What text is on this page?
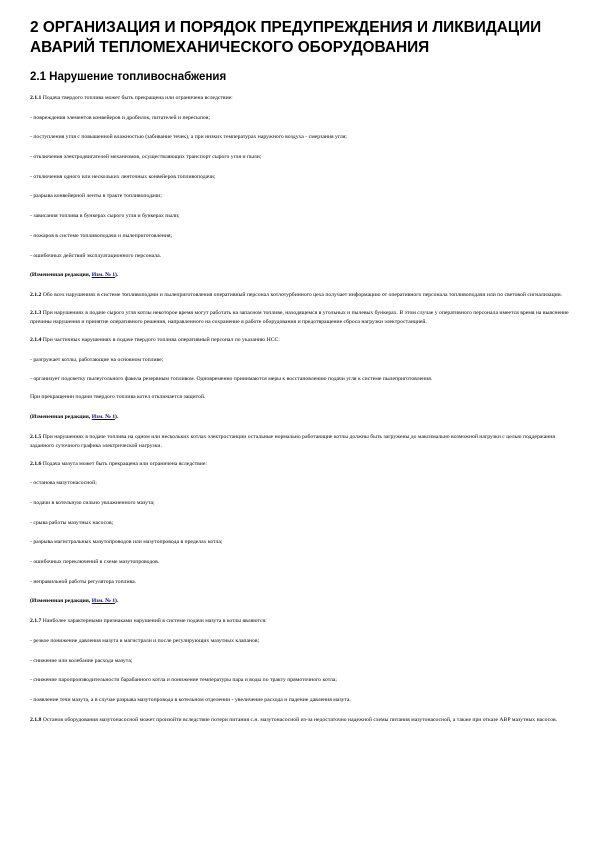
2 ОРГАНИЗАЦИЯ И ПОРЯДОК ПРЕДУПРЕЖДЕНИЯ И ЛИКВИДАЦИИ АВАРИЙ ТЕПЛОМЕХАНИЧЕСКОГО ОБОРУДОВАНИЯ
2.1 Нарушение топливоснабжения
2.1.1 Подача твердого топлива может быть прекращена или ограничена вследствие:
- повреждения элементов конвейеров и дробилок, питателей и пересыпов;
- поступления угля с повышенной влажностью (забивание течек), а при низких температурах наружного воздуха - смерзания угля;
- отключения электродвигателей механизмов, осуществляющих транспорт сырого угля и пыли;
- отключения одного или нескольких ленточных конвейеров топливоподачи;
- разрыва конвейерной ленты в тракте топливоподачи;
- зависания топлива в бункерах сырого угля и бункерах пыли;
- пожаров в системе топливоподачи и пылеприготовления;
- ошибочных действий эксплуатационного персонала.
(Измененная редакция, Изм. № 1).
2.1.2 Обо всех нарушениях в системе топливоподачи и пылеприготовления оперативный персонал котлотурбинного цеха получает информацию от оперативного персонала топливоподачи или по световой сигнализации.
2.1.3 При нарушениях в подаче сырого угля котлы некоторое время могут работать на запасном топливе, находящемся в угольных и пылевых бункерах. В этом случае у оперативного персонала имеется время на выяснение причины нарушения и принятие оперативного решения, направленного на сохранение в работе оборудования и предотвращение сброса нагрузки электростанцией.
2.1.4 При частичных нарушениях в подаче твердого топлива оперативный персонал по указанию НСС:
- разгружает котлы, работающие на основном топливе;
- организует подсветку пылеугольного факела резервным топливом. Одновременно принимаются меры к восстановлению подачи угля к системе пылеприготовления.
При прекращении подачи твердого топлива котел отключается защитой.
(Измененная редакция, Изм. № 1).
2.1.5 При нарушениях в подаче топлива на одном или нескольких котлах электростанции остальные нормально работающие котлы должны быть загружены до максимально возможной нагрузки с целью поддержания заданного суточного графика электрической нагрузки.
2.1.6 Подача мазута может быть прекращена или ограничена вследствие:
- останова мазутонасосной;
- подачи в котельную сильно увлажненного мазута;
- срыва работы мазутных насосов;
- разрыва магистральных мазутопроводов или мазутопровода в пределах котла;
- ошибочных переключений в схеме мазутопроводов.
- неправильной работы регулятора топлива.
(Измененная редакция, Изм. № 1).
2.1.7 Наиболее характерными признаками нарушений в системе подачи мазута в котлы являются:
- резкое понижение давления мазута в магистрали и после регулирующих мазутных клапанов;
- снижение или колебание расхода мазута;
- снижение паропроизводительности барабанного котла и понижение температуры пара и воды по тракту прямоточного котла;
- появление течи мазута, а в случае разрыва мазутопровода в котельном отделении - увеличение расхода и падение давления мазута.
2.1.8 Останов оборудования мазутонасосной может произойти вследствие потери питания с.н. мазутонасосной из-за недостаточно надежной схемы питания мазутонасосной, а также при отказе АВР мазутных насосов.
